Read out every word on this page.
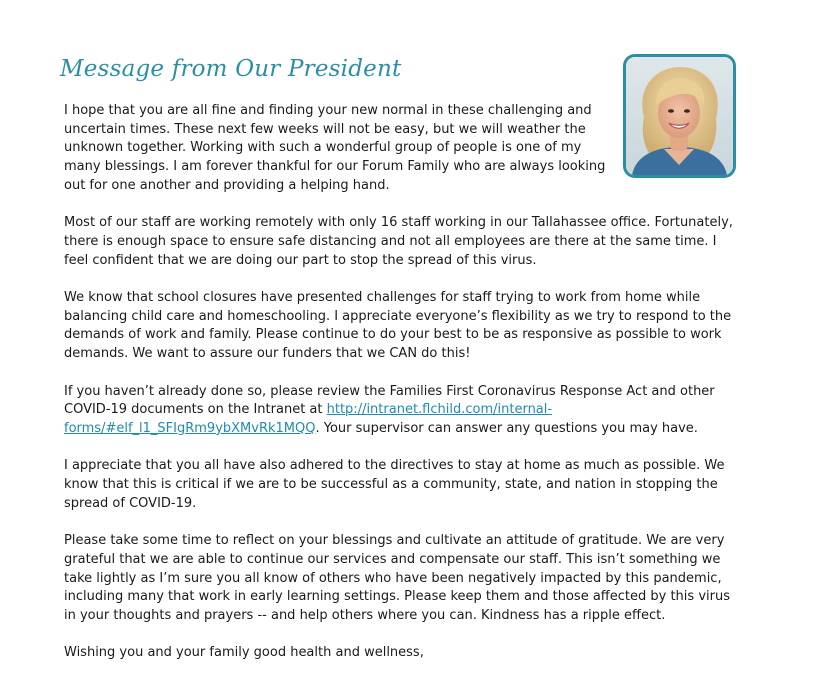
Message from Our President

I hope that you are all fine and finding your new normal in these challenging and uncertain times. These next few weeks will not be easy, but we will weather the unknown together. Working with such a wonderful group of people is one of my many blessings. I am forever thankful for our Forum Family who are always looking out for one another and providing a helping hand.

Most of our staff are working remotely with only 16 staff working in our Tallahassee office. Fortunately, there is enough space to ensure safe distancing and not all employees are there at the same time. I feel confident that we are doing our part to stop the spread of this virus.

We know that school closures have presented challenges for staff trying to work from home while balancing child care and homeschooling. I appreciate everyone’s flexibility as we try to respond to the demands of work and family. Please continue to do your best to be as responsive as possible to work demands. We want to assure our funders that we CAN do this!

If you haven’t already done so, please review the Families First Coronavirus Response Act and other COVID-19 documents on the Intranet at http://intranet.flchild.com/internal-forms/#elf_l1_SFIgRm9ybXMvRk1MQQ. Your supervisor can answer any questions you may have.

I appreciate that you all have also adhered to the directives to stay at home as much as possible. We know that this is critical if we are to be successful as a community, state, and nation in stopping the spread of COVID-19.

Please take some time to reflect on your blessings and cultivate an attitude of gratitude. We are very grateful that we are able to continue our services and compensate our staff. This isn’t something we take lightly as I’m sure you all know of others who have been negatively impacted by this pandemic, including many that work in early learning settings. Please keep them and those affected by this virus in your thoughts and prayers -- and help others where you can. Kindness has a ripple effect.

Wishing you and your family good health and wellness,
